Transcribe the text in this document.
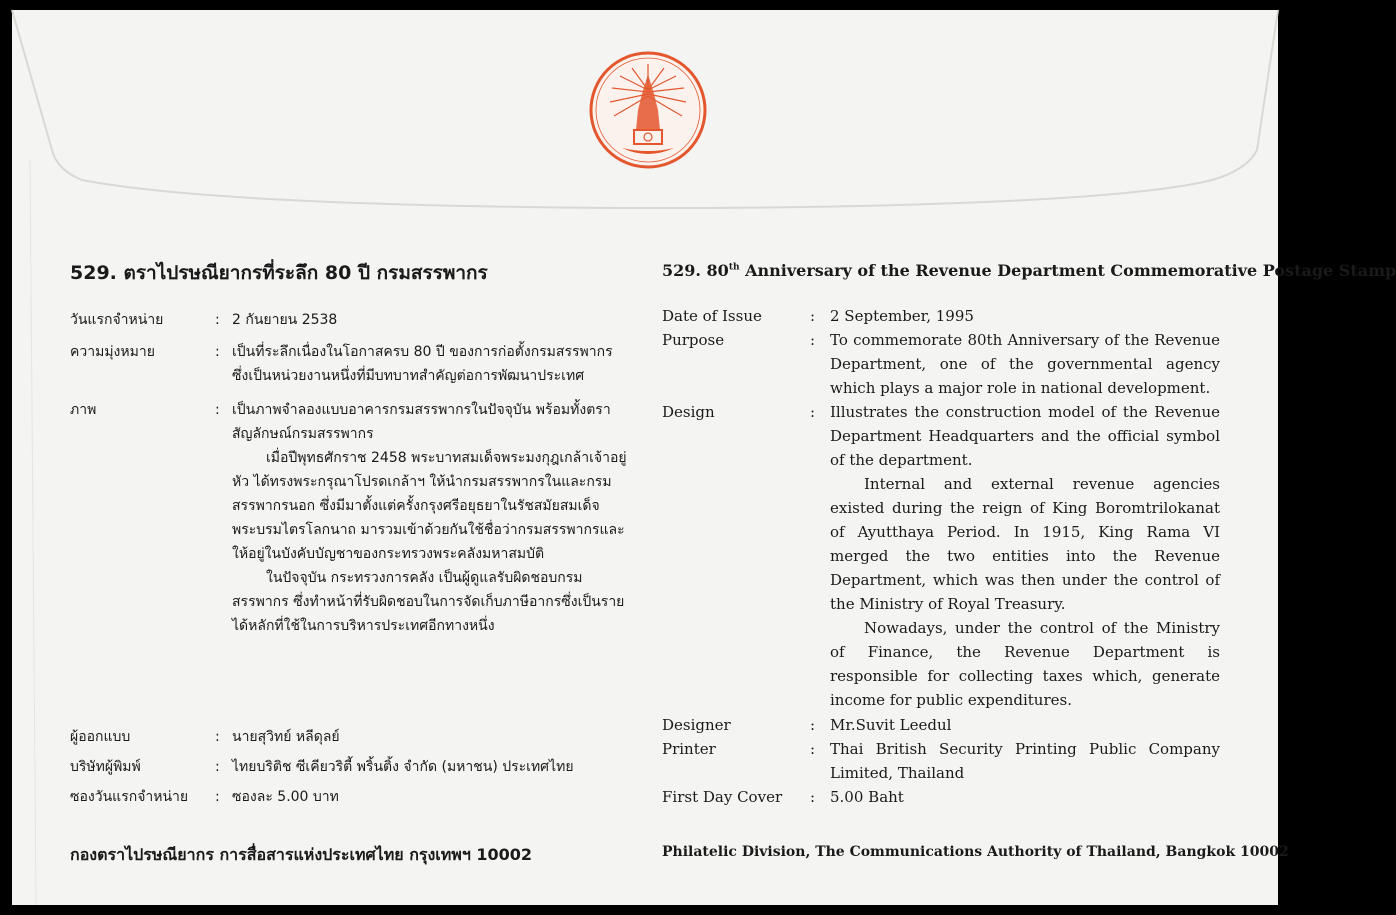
529. ตราไปรษณียากรที่ระลึก 80 ปี กรมสรรพากร
วันแรกจำหน่าย	: 2 กันยายน 2538

ความมุ่งหมาย	: เป็นที่ระลึกเนื่องในโอกาสครบ 80 ปี ของการก่อตั้งกรมสรรพากร ซึ่งเป็นหน่วยงานหนึ่งที่มีบทบาทสำคัญต่อการพัฒนาประเทศ

ภาพ	: เป็นภาพจำลองแบบอาคารกรมสรรพากรในปัจจุบัน พร้อมทั้งตราสัญลักษณ์กรมสรรพากร

เมื่อปีพุทธศักราช 2458 พระบาทสมเด็จพระมงกุฎเกล้าเจ้าอยู่หัว ได้ทรงพระกรุณาโปรดเกล้าฯ ให้นำกรมสรรพากรในและกรมสรรพากรนอก ซึ่งมีมาตั้งแต่ครั้งกรุงศรีอยุธยาในรัชสมัยสมเด็จพระบรมไตรโลกนาถ มารวมเข้าด้วยกันใช้ชื่อว่ากรมสรรพากรและให้อยู่ในบังคับบัญชาของกระทรวงพระคลังมหาสมบัติ

ในปัจจุบัน กระทรวงการคลัง เป็นผู้ดูแลรับผิดชอบกรมสรรพากร ซึ่งทำหน้าที่รับผิดชอบในการจัดเก็บภาษีอากรซึ่งเป็นรายได้หลักที่ใช้ในการบริหารประเทศอีกทางหนึ่ง

ผู้ออกแบบ	: นายสุวิทย์ หลีดุลย์

บริษัทผู้พิมพ์	: ไทยบริติช ซีเคียวริตี้ พริ้นติ้ง จำกัด (มหาชน) ประเทศไทย

ซองวันแรกจำหน่าย : ซองละ 5.00 บาท

กองตราไปรษณียากร การสื่อสารแห่งประเทศไทย กรุงเทพฯ 10002
529. 80th Anniversary of the Revenue Department Commemorative Postage Stamp
Date of Issue	: 2 September, 1995

Purpose	: To commemorate 80th Anniversary of the Revenue Department, one of the governmental agency which plays a major role in national development.

Design	: Illustrates the construction model of the Revenue Department Headquarters and the official symbol of the department.

Internal and external revenue agencies existed during the reign of King Boromtrilokanat of Ayutthaya Period. In 1915, King Rama VI merged the two entities into the Revenue Department, which was then under the control of the Ministry of Royal Treasury.

Nowadays, under the control of the Ministry of Finance, the Revenue Department is responsible for collecting taxes which, generate income for public expenditures.

Designer	: Mr.Suvit Leedul

Printer	: Thai British Security Printing Public Company Limited, Thailand

First Day Cover : 5.00 Baht

Philatelic Division, The Communications Authority of Thailand, Bangkok 10002
